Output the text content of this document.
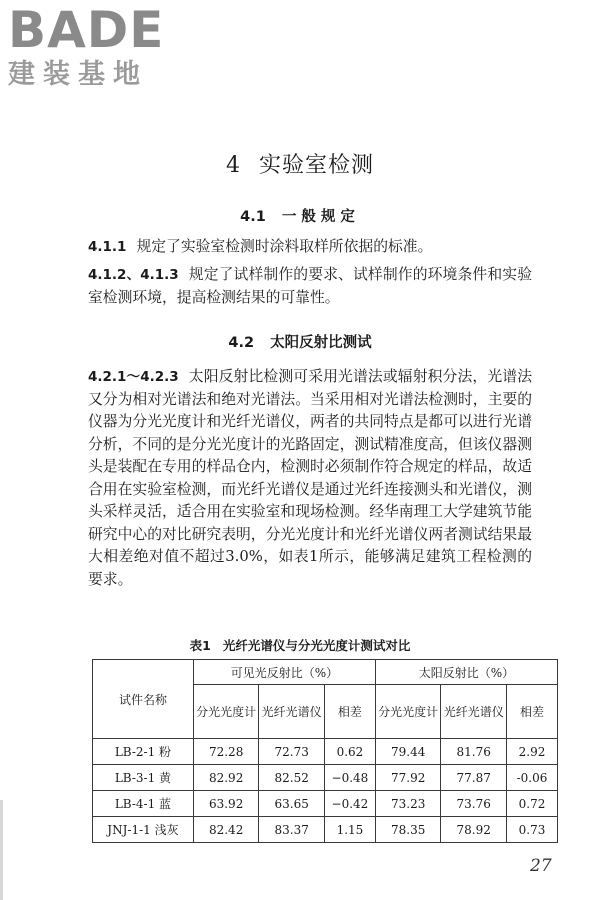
BADE
建装基地
4 实验室检测
4.1 一般规定
4.1.1 规定了实验室检测时涂料取样所依据的标准。
4.1.2、4.1.3 规定了试样制作的要求、试样制作的环境条件和实验室检测环境，提高检测结果的可靠性。
4.2 太阳反射比测试
4.2.1～4.2.3 太阳反射比检测可采用光谱法或辐射积分法，光谱法又分为相对光谱法和绝对光谱法。当采用相对光谱法检测时，主要的仪器为分光光度计和光纤光谱仪，两者的共同特点是都可以进行光谱分析，不同的是分光光度计的光路固定，测试精准度高，但该仪器测头是装配在专用的样品仓内，检测时必须制作符合规定的样品，故适合用在实验室检测，而光纤光谱仪是通过光纤连接测头和光谱仪，测头采样灵活，适合用在实验室和现场检测。经华南理工大学建筑节能研究中心的对比研究表明，分光光度计和光纤光谱仪两者测试结果最大相差绝对值不超过3.0%，如表1所示，能够满足建筑工程检测的要求。
表1 光纤光谱仪与分光光度计测试对比
试件名称	可见光反射比（%）			太阳反射比（%）		
	分光光度计	光纤光谱仪	相差	分光光度计	光纤光谱仪	相差
LB-2-1 粉	72.28	72.73	0.62	79.44	81.76	2.92
LB-3-1 黄	82.92	82.52	−0.48	77.92	77.87	-0.06
LB-4-1 蓝	63.92	63.65	−0.42	73.23	73.76	0.72
JNJ-1-1 浅灰	82.42	83.37	1.15	78.35	78.92	0.73
27
